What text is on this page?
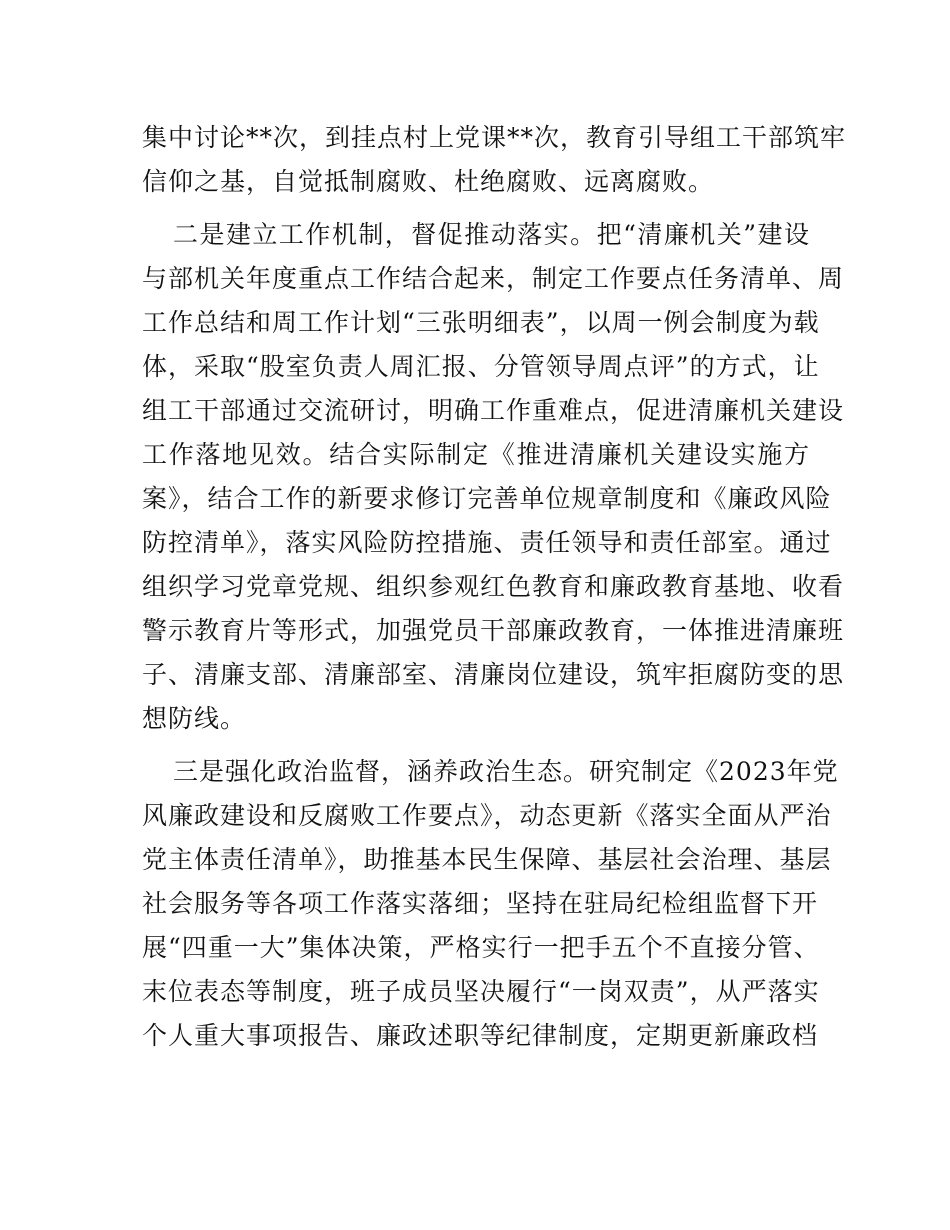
集中讨论**次，到挂点村上党课**次，教育引导组工干部筑牢
信仰之基，自觉抵制腐败、杜绝腐败、远离腐败。
二是建立工作机制，督促推动落实。把“清廉机关”建设
与部机关年度重点工作结合起来，制定工作要点任务清单、周
工作总结和周工作计划“三张明细表”，以周一例会制度为载
体，采取“股室负责人周汇报、分管领导周点评”的方式，让
组工干部通过交流研讨，明确工作重难点，促进清廉机关建设
工作落地见效。结合实际制定《推进清廉机关建设实施方
案》，结合工作的新要求修订完善单位规章制度和《廉政风险
防控清单》，落实风险防控措施、责任领导和责任部室。通过
组织学习党章党规、组织参观红色教育和廉政教育基地、收看
警示教育片等形式，加强党员干部廉政教育，一体推进清廉班
子、清廉支部、清廉部室、清廉岗位建设，筑牢拒腐防变的思
想防线。
三是强化政治监督，涵养政治生态。研究制定《2023年党
风廉政建设和反腐败工作要点》，动态更新《落实全面从严治
党主体责任清单》，助推基本民生保障、基层社会治理、基层
社会服务等各项工作落实落细；坚持在驻局纪检组监督下开
展“四重一大”集体决策，严格实行一把手五个不直接分管、
末位表态等制度，班子成员坚决履行“一岗双责”，从严落实
个人重大事项报告、廉政述职等纪律制度，定期更新廉政档
